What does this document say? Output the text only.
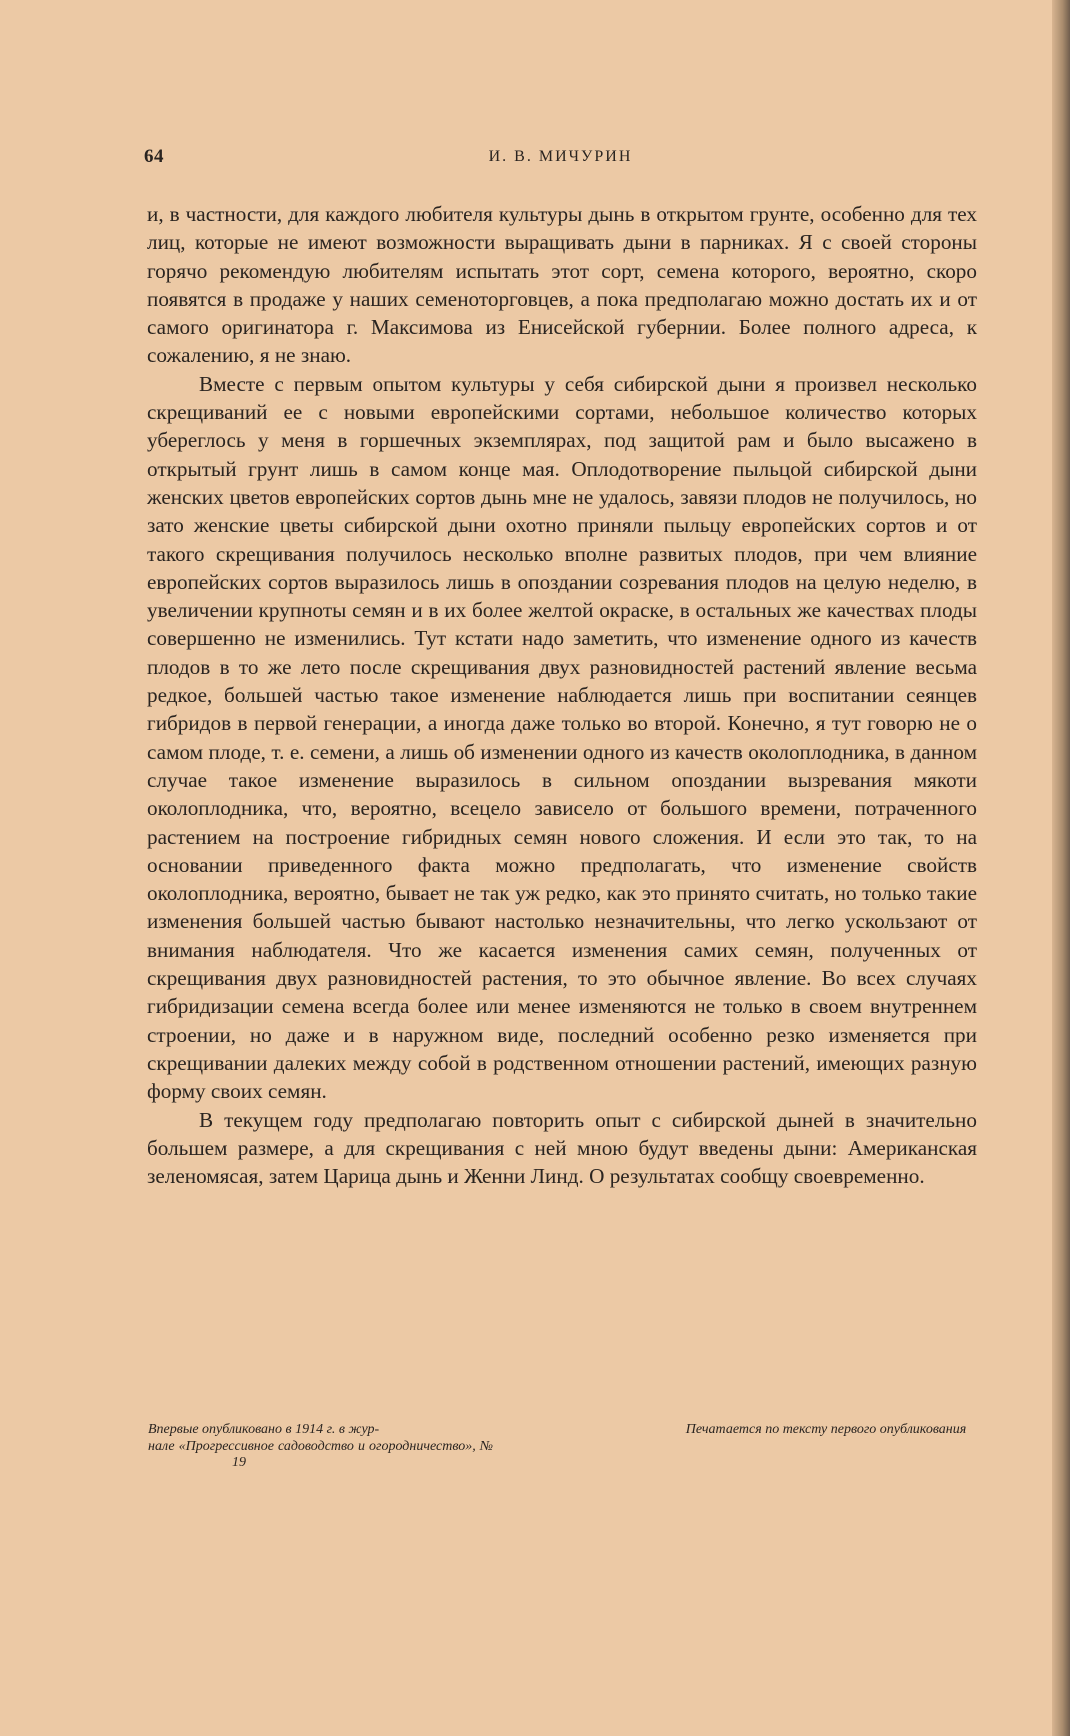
64	И. В. МИЧУРИН

и, в частности, для каждого любителя культуры дынь в открытом грунте, особенно для тех лиц, которые не имеют возможности выращивать дыни в парниках. Я с своей стороны горячо рекомендую любителям испытать этот сорт, семена которого, вероятно, скоро появятся в продаже у наших семеноторговцев, а пока предполагаю можно достать их и от самого оригинатора г. Максимова из Енисейской губернии. Более полного адреса, к сожалению, я не знаю.

Вместе с первым опытом культуры у себя сибирской дыни я произвел несколько скрещиваний ее с новыми европейскими сортами, небольшое количество которых уберeглось у меня в горшечных экземплярах, под защитой рам и было высажено в открытый грунт лишь в самом конце мая. Оплодотворение пыльцой сибирской дыни женских цветов европейских сортов дынь мне не удалось, завязи плодов не получилось, но зато женские цветы сибирской дыни охотно приняли пыльцу европейских сортов и от такого скрещивания получилось несколько вполне развитых плодов, при чем влияние европейских сортов выразилось лишь в опоздании созревания плодов на целую неделю, в увеличении крупноты семян и в их более желтой окраске, в остальных же качествах плоды совершенно не изменились. Тут кстати надо заметить, что изменение одного из качеств плодов в то же лето после скрещивания двух разновидностей растений явление весьма редкое, большей частью такое изменение наблюдается лишь при воспитании сеянцев гибридов в первой генерации, а иногда даже только во второй. Конечно, я тут говорю не о самом плоде, т. е. семени, а лишь об изменении одного из качеств околоплодника, в данном случае такое изменение выразилось в сильном опоздании вызревания мякоти околоплодника, что, вероятно, всецело зависело от большого времени, потраченного растением на построение гибридных семян нового сложения. И если это так, то на основании приведенного факта можно предполагать, что изменение свойств околоплодника, вероятно, бывает не так уж редко, как это принято считать, но только такие изменения большей частью бывают настолько незначительны, что легко ускользают от внимания наблюдателя. Что же касается изменения самих семян, полученных от скрещивания двух разновидностей растения, то это обычное явление. Во всех случаях гибридизации семена всегда более или менее изменяются не только в своем внутреннем строении, но даже и в наружном виде, последний особенно резко изменяется при скрещивании далеких между собой в родственном отношении растений, имеющих разную форму своих семян.

В текущем году предполагаю повторить опыт с сибирской дыней в значительно большем размере, а для скрещивания с ней мною будут введены дыни: Американская зеленомясая, затем Царица дынь и Женни Линд. О результатах сообщу своевременно.

Впервые опубликовано в 1914 г. в жур-
нале «Прогрессивное садоводство и огородничество», № 19
Печатается по тексту первого опубликования
